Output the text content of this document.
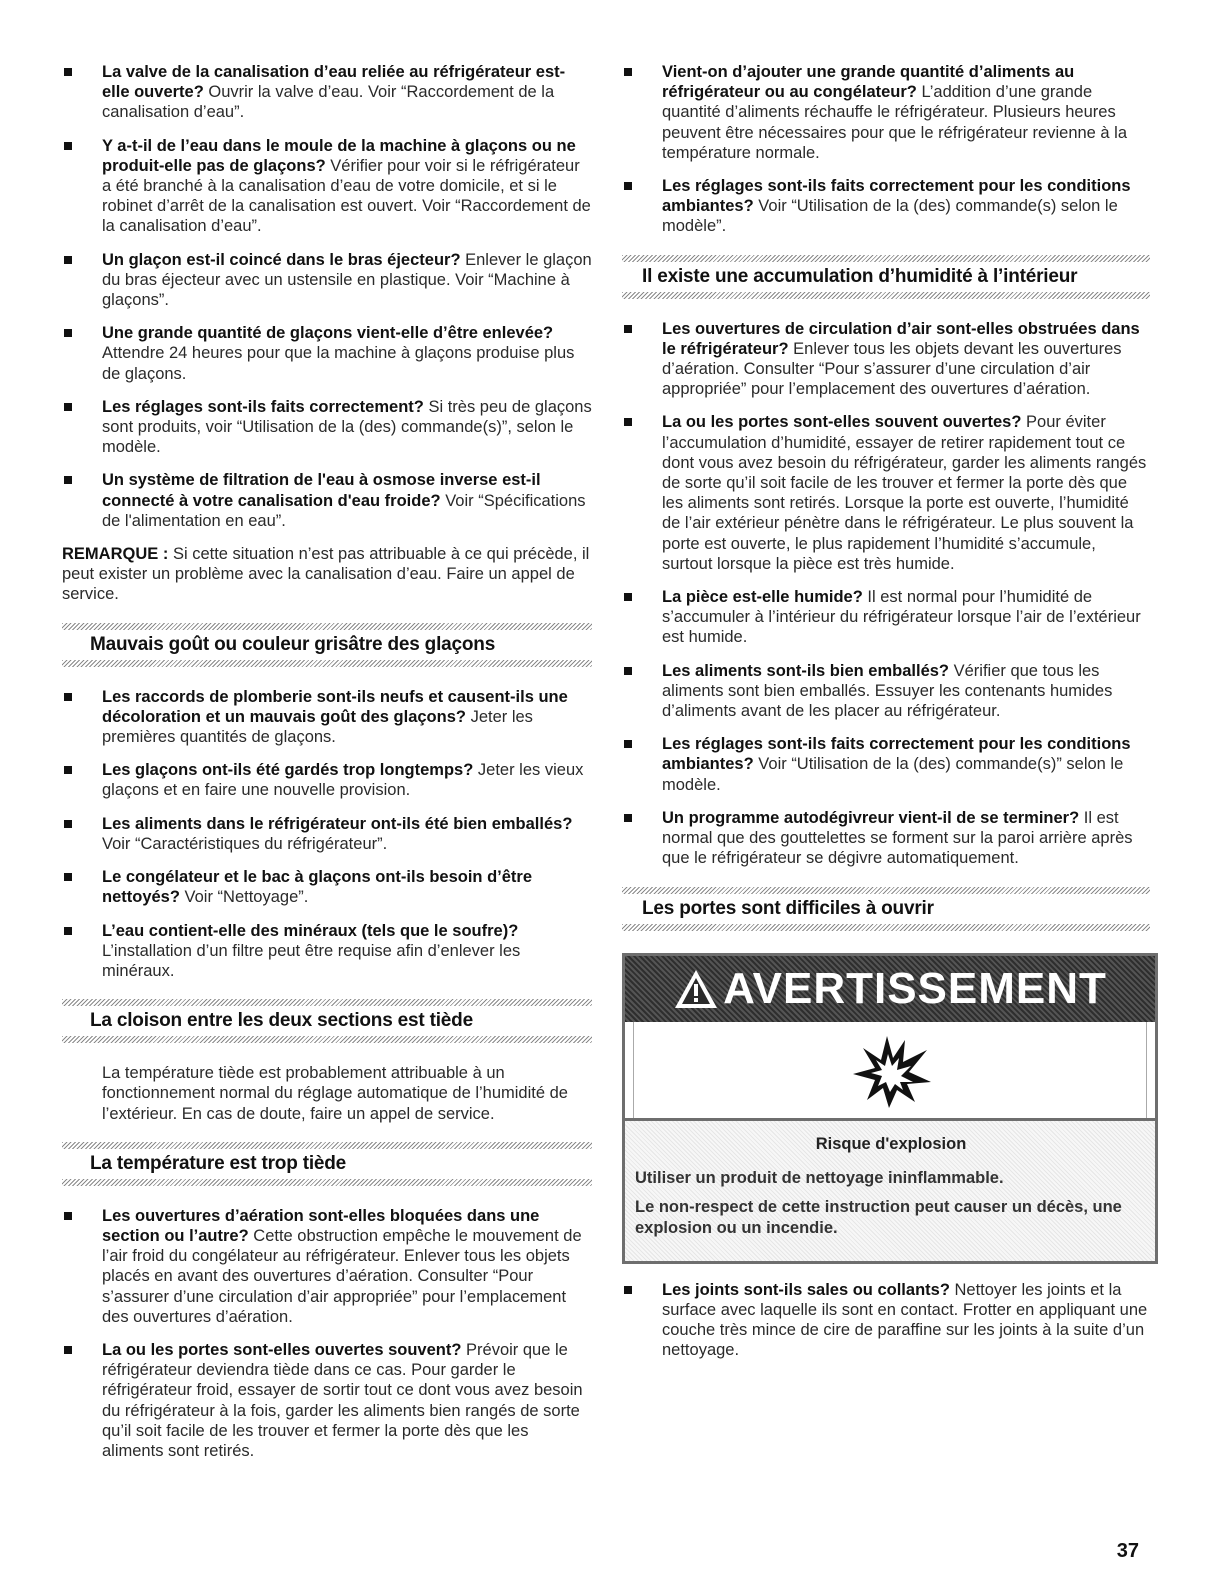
La valve de la canalisation d’eau reliée au réfrigérateur est-elle ouverte? Ouvrir la valve d’eau. Voir “Raccordement de la canalisation d’eau”.
Y a-t-il de l’eau dans le moule de la machine à glaçons ou ne produit-elle pas de glaçons? Vérifier pour voir si le réfrigérateur a été branché à la canalisation d’eau de votre domicile, et si le robinet d’arrêt de la canalisation est ouvert. Voir “Raccordement de la canalisation d’eau”.
Un glaçon est-il coincé dans le bras éjecteur? Enlever le glaçon du bras éjecteur avec un ustensile en plastique. Voir “Machine à glaçons”.
Une grande quantité de glaçons vient-elle d’être enlevée? Attendre 24 heures pour que la machine à glaçons produise plus de glaçons.
Les réglages sont-ils faits correctement? Si très peu de glaçons sont produits, voir “Utilisation de la (des) commande(s)”, selon le modèle.
Un système de filtration de l'eau à osmose inverse est-il connecté à votre canalisation d'eau froide? Voir “Spécifications de l'alimentation en eau”.

REMARQUE : Si cette situation n’est pas attribuable à ce qui précède, il peut exister un problème avec la canalisation d’eau. Faire un appel de service.

Mauvais goût ou couleur grisâtre des glaçons
Les raccords de plomberie sont-ils neufs et causent-ils une décoloration et un mauvais goût des glaçons? Jeter les premières quantités de glaçons.
Les glaçons ont-ils été gardés trop longtemps? Jeter les vieux glaçons et en faire une nouvelle provision.
Les aliments dans le réfrigérateur ont-ils été bien emballés? Voir “Caractéristiques du réfrigérateur”.
Le congélateur et le bac à glaçons ont-ils besoin d’être nettoyés? Voir “Nettoyage”.
L’eau contient-elle des minéraux (tels que le soufre)? L’installation d’un filtre peut être requise afin d’enlever les minéraux.
La cloison entre les deux sections est tiède

La température tiède est probablement attribuable à un fonctionnement normal du réglage automatique de l’humidité de l’extérieur. En cas de doute, faire un appel de service.

La température est trop tiède
Les ouvertures d’aération sont-elles bloquées dans une section ou l’autre? Cette obstruction empêche le mouvement de l’air froid du congélateur au réfrigérateur. Enlever tous les objets placés en avant des ouvertures d’aération. Consulter “Pour s’assurer d’une circulation d’air appropriée” pour l’emplacement des ouvertures d’aération.
La ou les portes sont-elles ouvertes souvent? Prévoir que le réfrigérateur deviendra tiède dans ce cas. Pour garder le réfrigérateur froid, essayer de sortir tout ce dont vous avez besoin du réfrigérateur à la fois, garder les aliments bien rangés de sorte qu’il soit facile de les trouver et fermer la porte dès que les aliments sont retirés.
Vient-on d’ajouter une grande quantité d’aliments au réfrigérateur ou au congélateur? L’addition d’une grande quantité d’aliments réchauffe le réfrigérateur. Plusieurs heures peuvent être nécessaires pour que le réfrigérateur revienne à la température normale.
Les réglages sont-ils faits correctement pour les conditions ambiantes? Voir “Utilisation de la (des) commande(s) selon le modèle”.
Il existe une accumulation d’humidité à l’intérieur
Les ouvertures de circulation d’air sont-elles obstruées dans le réfrigérateur? Enlever tous les objets devant les ouvertures d’aération. Consulter “Pour s’assurer d’une circulation d’air appropriée” pour l’emplacement des ouvertures d’aération.
La ou les portes sont-elles souvent ouvertes? Pour éviter l’accumulation d’humidité, essayer de retirer rapidement tout ce dont vous avez besoin du réfrigérateur, garder les aliments rangés de sorte qu’il soit facile de les trouver et fermer la porte dès que les aliments sont retirés. Lorsque la porte est ouverte, l’humidité de l’air extérieur pénètre dans le réfrigérateur. Le plus souvent la porte est ouverte, le plus rapidement l’humidité s’accumule, surtout lorsque la pièce est très humide.
La pièce est-elle humide? Il est normal pour l’humidité de s’accumuler à l’intérieur du réfrigérateur lorsque l’air de l’extérieur est humide.
Les aliments sont-ils bien emballés? Vérifier que tous les aliments sont bien emballés. Essuyer les contenants humides d’aliments avant de les placer au réfrigérateur.
Les réglages sont-ils faits correctement pour les conditions ambiantes? Voir “Utilisation de la (des) commande(s)” selon le modèle.
Un programme autodégivreur vient-il de se terminer? Il est normal que des gouttelettes se forment sur la paroi arrière après que le réfrigérateur se dégivre automatiquement.
Les portes sont difficiles à ouvrir
AVERTISSEMENT
Risque d'explosion

Utiliser un produit de nettoyage ininflammable.

Le non-respect de cette instruction peut causer un décès, une explosion ou un incendie.

Les joints sont-ils sales ou collants? Nettoyer les joints et la surface avec laquelle ils sont en contact. Frotter en appliquant une couche très mince de cire de paraffine sur les joints à la suite d’un nettoyage.
37
